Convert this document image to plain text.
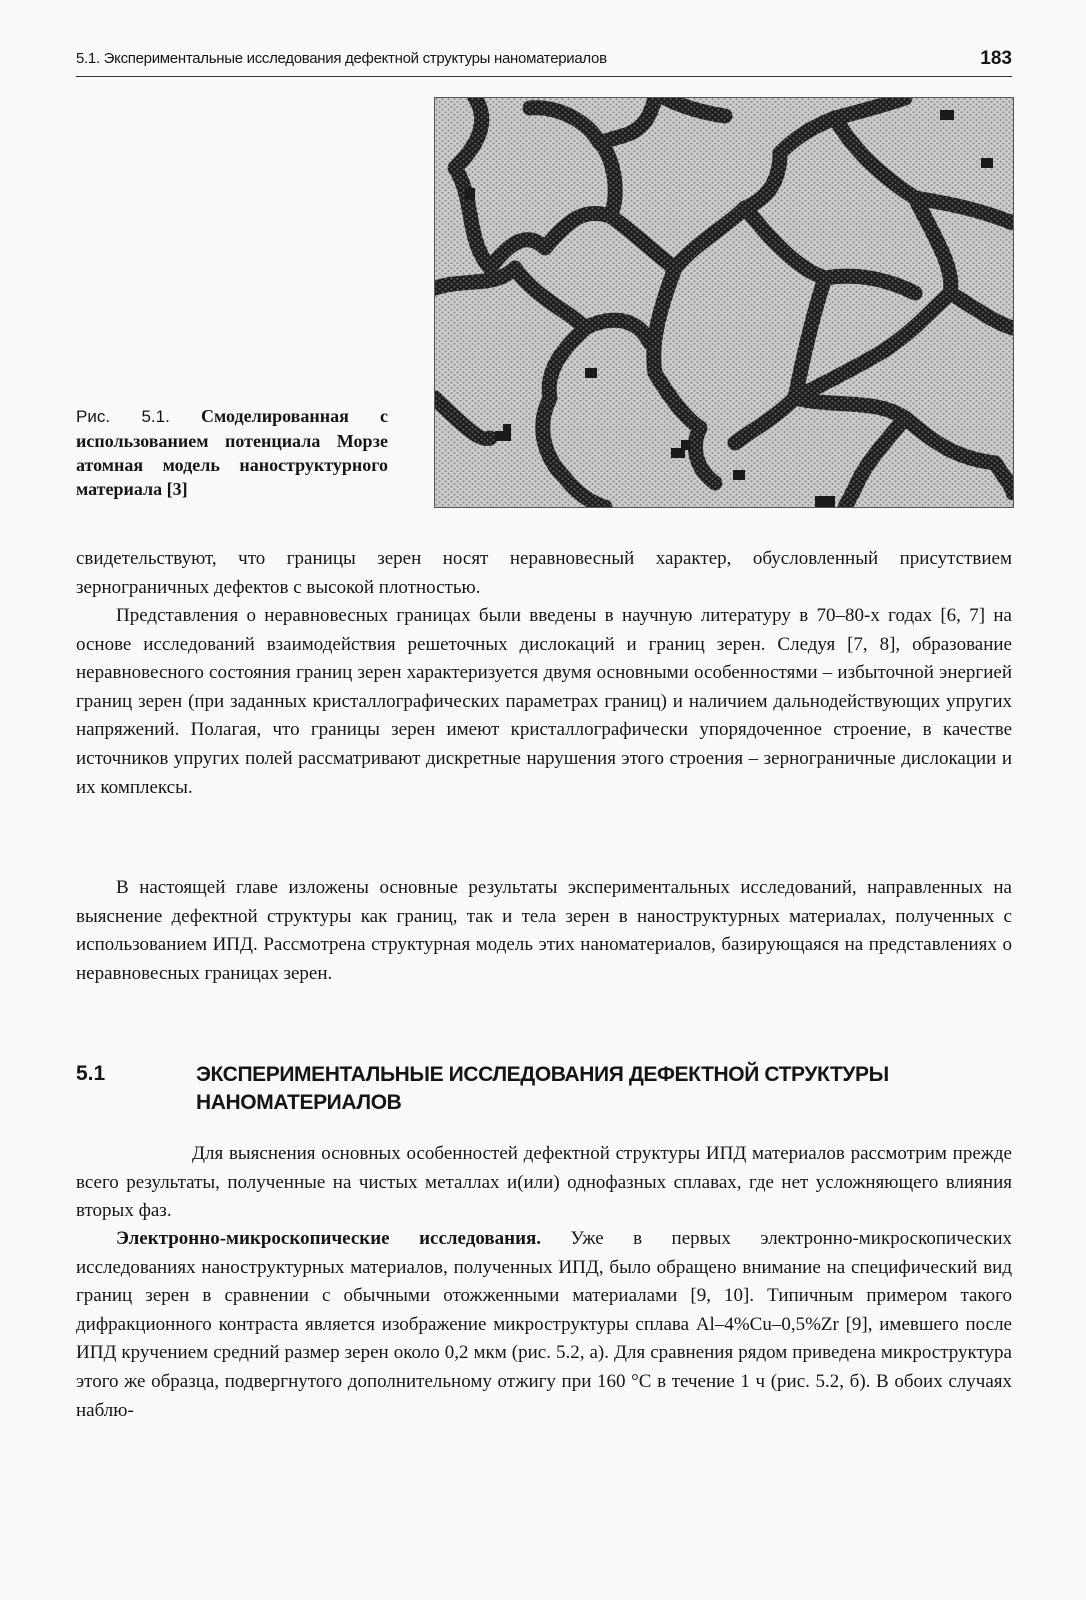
5.1. Экспериментальные исследования дефектной структуры наноматериалов	183
Рис. 5.1. Смоделированная с использованием потенциала Морзе атомная модель наноструктурного материала [3]

свидетельствуют, что границы зерен носят неравновесный характер, обусловленный присутствием зернограничных дефектов с высокой плотностью.

Представления о неравновесных границах были введены в научную литературу в 70–80-х годах [6, 7] на основе исследований взаимодействия решеточных дислокаций и границ зерен. Следуя [7, 8], образование неравновесного состояния границ зерен характеризуется двумя основными особенностями – избыточной энергией границ зерен (при заданных кристаллографических параметрах границ) и наличием дальнодействующих упругих напряжений. Полагая, что границы зерен имеют кристаллографически упорядоченное строение, в качестве источников упругих полей рассматривают дискретные нарушения этого строения – зернограничные дислокации и их комплексы.

В настоящей главе изложены основные результаты экспериментальных исследований, направленных на выяснение дефектной структуры как границ, так и тела зерен в наноструктурных материалах, полученных с использованием ИПД. Рассмотрена структурная модель этих наноматериалов, базирующаяся на представлениях о неравновесных границах зерен.

5.1	ЭКСПЕРИМЕНТАЛЬНЫЕ ИССЛЕДОВАНИЯ ДЕФЕКТНОЙ СТРУКТУРЫ НАНОМАТЕРИАЛОВ

Для выяснения основных особенностей дефектной структуры ИПД материалов рассмотрим прежде всего результаты, полученные на чистых металлах и(или) однофазных сплавах, где нет усложняющего влияния вторых фаз.

Электронно-микроскопические исследования. Уже в первых электронно-микроскопических исследованиях наноструктурных материалов, полученных ИПД, было обращено внимание на специфический вид границ зерен в сравнении с обычными отожженными материалами [9, 10]. Типичным примером такого дифракционного контраста является изображение микроструктуры сплава Al–4%Cu–0,5%Zr [9], имевшего после ИПД кручением средний размер зерен около 0,2 мкм (рис. 5.2, а). Для сравнения рядом приведена микроструктура этого же образца, подвергнутого дополнительному отжигу при 160 °С в течение 1 ч (рис. 5.2, б). В обоих случаях наблю-
